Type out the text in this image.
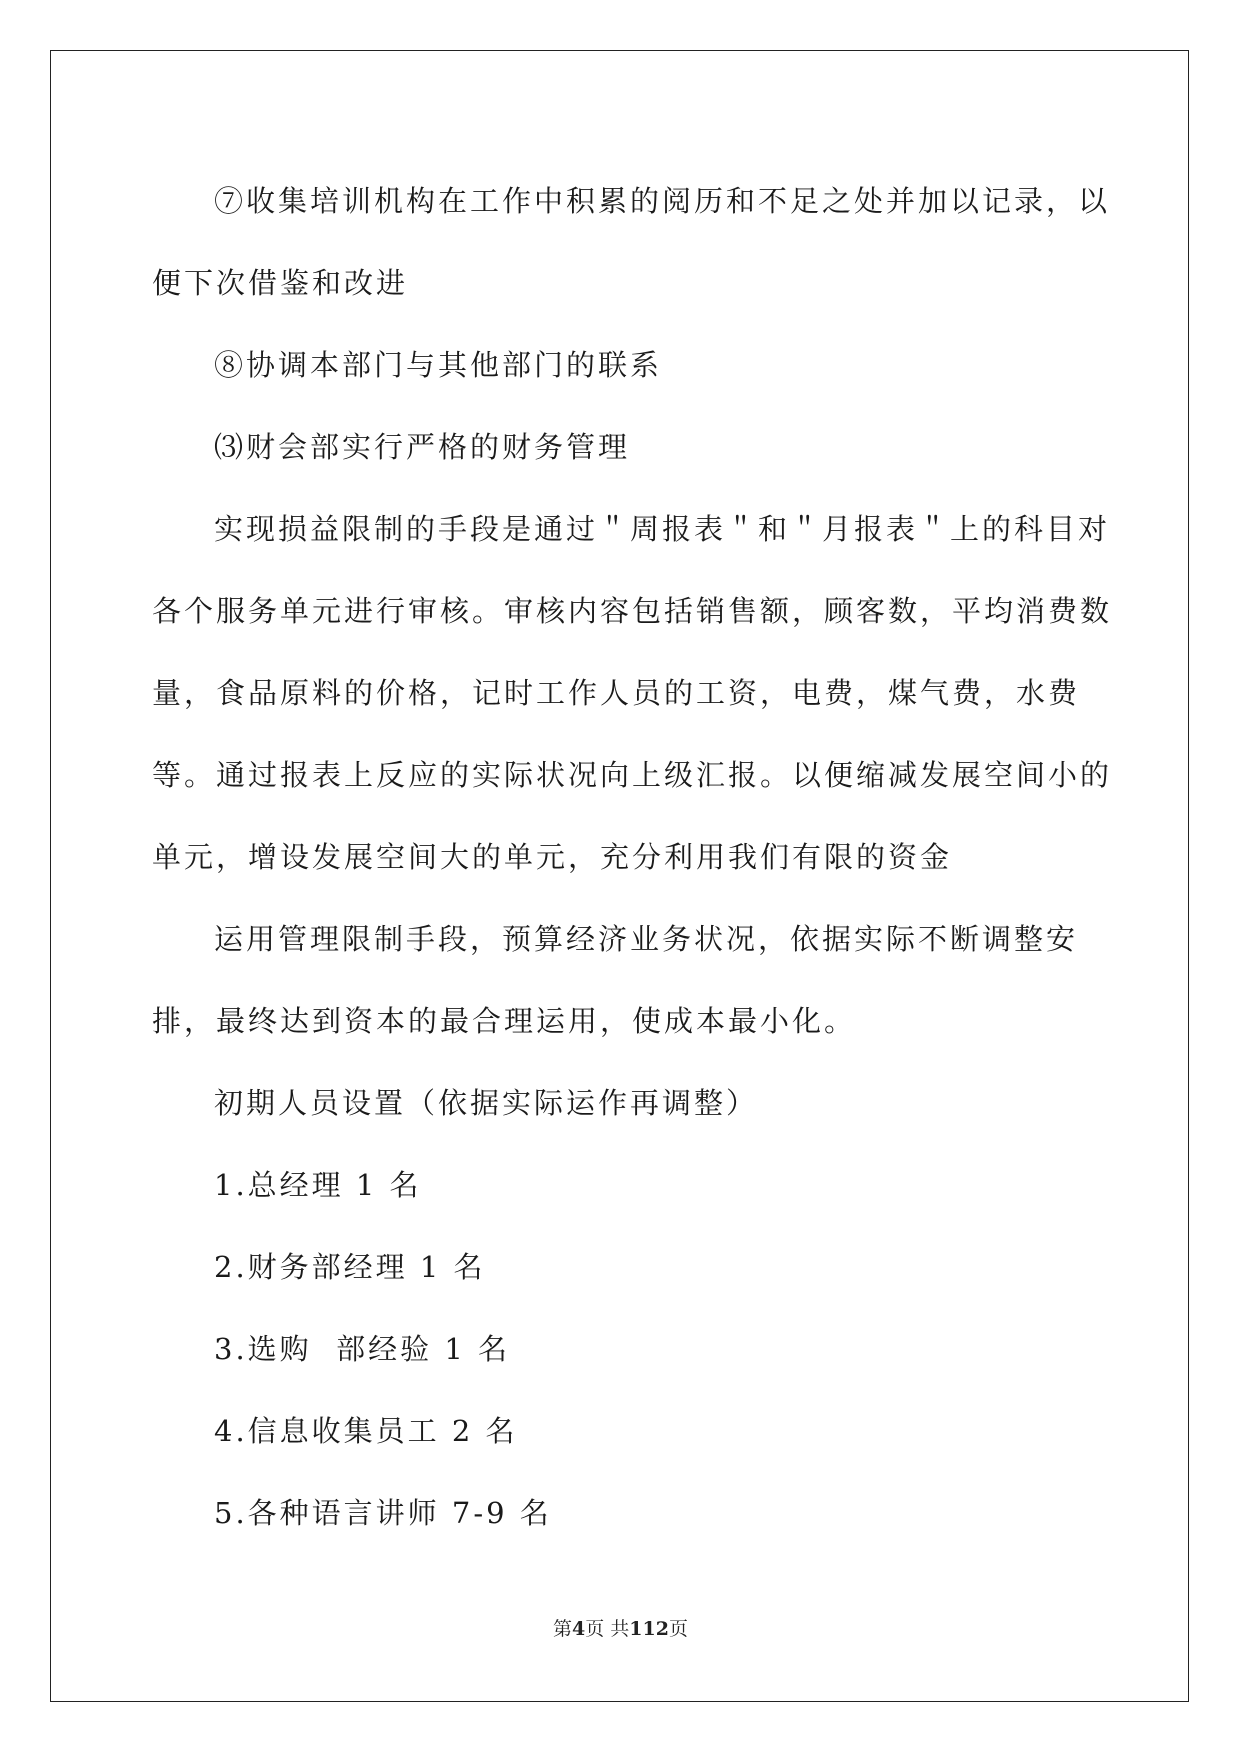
⑦收集培训机构在工作中积累的阅历和不足之处并加以记录，以便下次借鉴和改进

⑧协调本部门与其他部门的联系

⑶财会部实行严格的财务管理

实现损益限制的手段是通过＂周报表＂和＂月报表＂上的科目对各个服务单元进行审核。审核内容包括销售额，顾客数，平均消费数量，食品原料的价格，记时工作人员的工资，电费，煤气费，水费等。通过报表上反应的实际状况向上级汇报。以便缩减发展空间小的单元，增设发展空间大的单元，充分利用我们有限的资金

运用管理限制手段，预算经济业务状况，依据实际不断调整安排，最终达到资本的最合理运用，使成本最小化。

初期人员设置（依据实际运作再调整）

1.总经理 1 名

2.财务部经理 1 名

3.选购  部经验 1 名

4.信息收集员工 2 名

5.各种语言讲师 7-9 名

第4页 共112页
